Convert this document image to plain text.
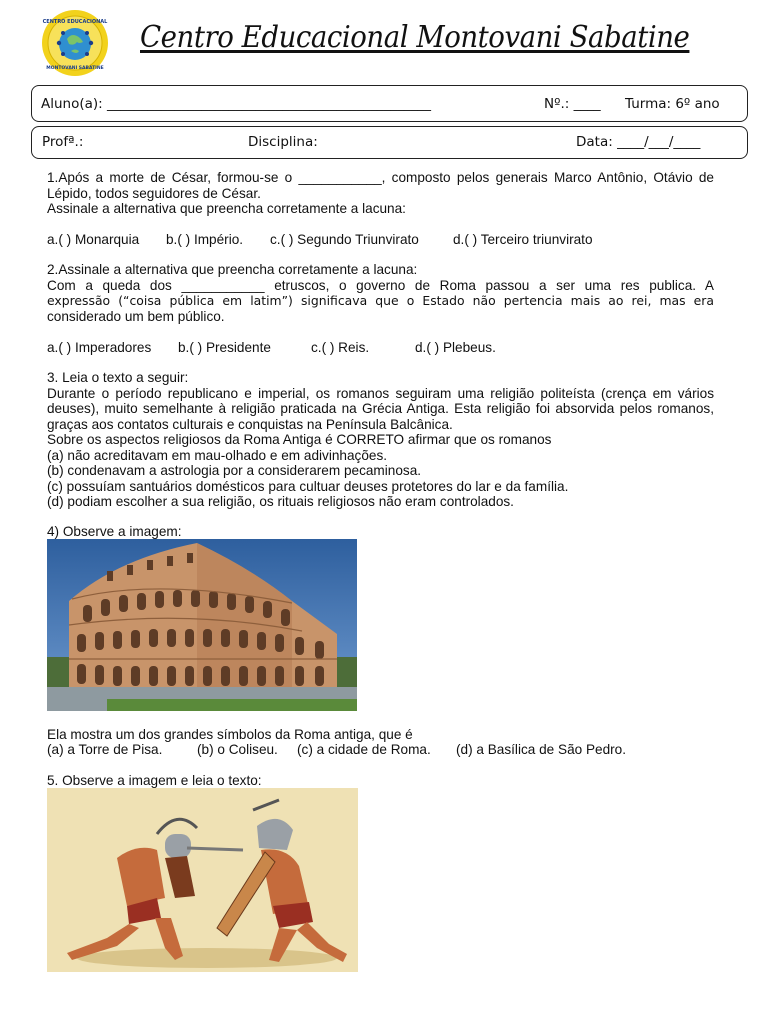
CENTRO EDUCACIONAL
MONTOVANI SABATINE
Centro Educacional Montovani Sabatine
Aluno(a): ________________________________________________	Nº.: ____ Turma: 6º ano
Profª.:	Disciplina:	Data: ____/___/____

1.Após a morte de César, formou-se o ___________, composto pelos generais Marco Antônio, Otávio de Lépido, todos seguidores de César.

Assinale a alternativa que preencha corretamente a lacuna:

a.( ) Monarquia b.( ) Império. c.( ) Segundo Triunvirato	d.( ) Terceiro triunvirato

2.Assinale a alternativa que preencha corretamente a lacuna:

Com a queda dos ___________ etruscos, o governo de Roma passou a ser uma res publica. A

expressão (“coisa pública em latim”) significava que o Estado não pertencia mais ao rei, mas era

considerado um bem público.

a.( ) Imperadores b.( ) Presidente	c.( ) Reis.	d.( ) Plebeus.

3. Leia o texto a seguir:

Durante o período republicano e imperial, os romanos seguiram uma religião politeísta (crença em vários deuses), muito semelhante à religião praticada na Grécia Antiga. Esta religião foi absorvida pelos romanos, graças aos contatos culturais e conquistas na Península Balcânica.

Sobre os aspectos religiosos da Roma Antiga é CORRETO afirmar que os romanos

(a) não acreditavam em mau-olhado e em adivinhações.

(b) condenavam a astrologia por a considerarem pecaminosa.

(c) possuíam santuários domésticos para cultuar deuses protetores do lar e da família.

(d) podiam escolher a sua religião, os rituais religiosos não eram controlados.

4) Observe a imagem:

Ela mostra um dos grandes símbolos da Roma antiga, que é

(a) a Torre de Pisa.	(b) o Coliseu. (c) a cidade de Roma. (d) a Basílica de São Pedro.
5. Observe a imagem e leia o texto:
